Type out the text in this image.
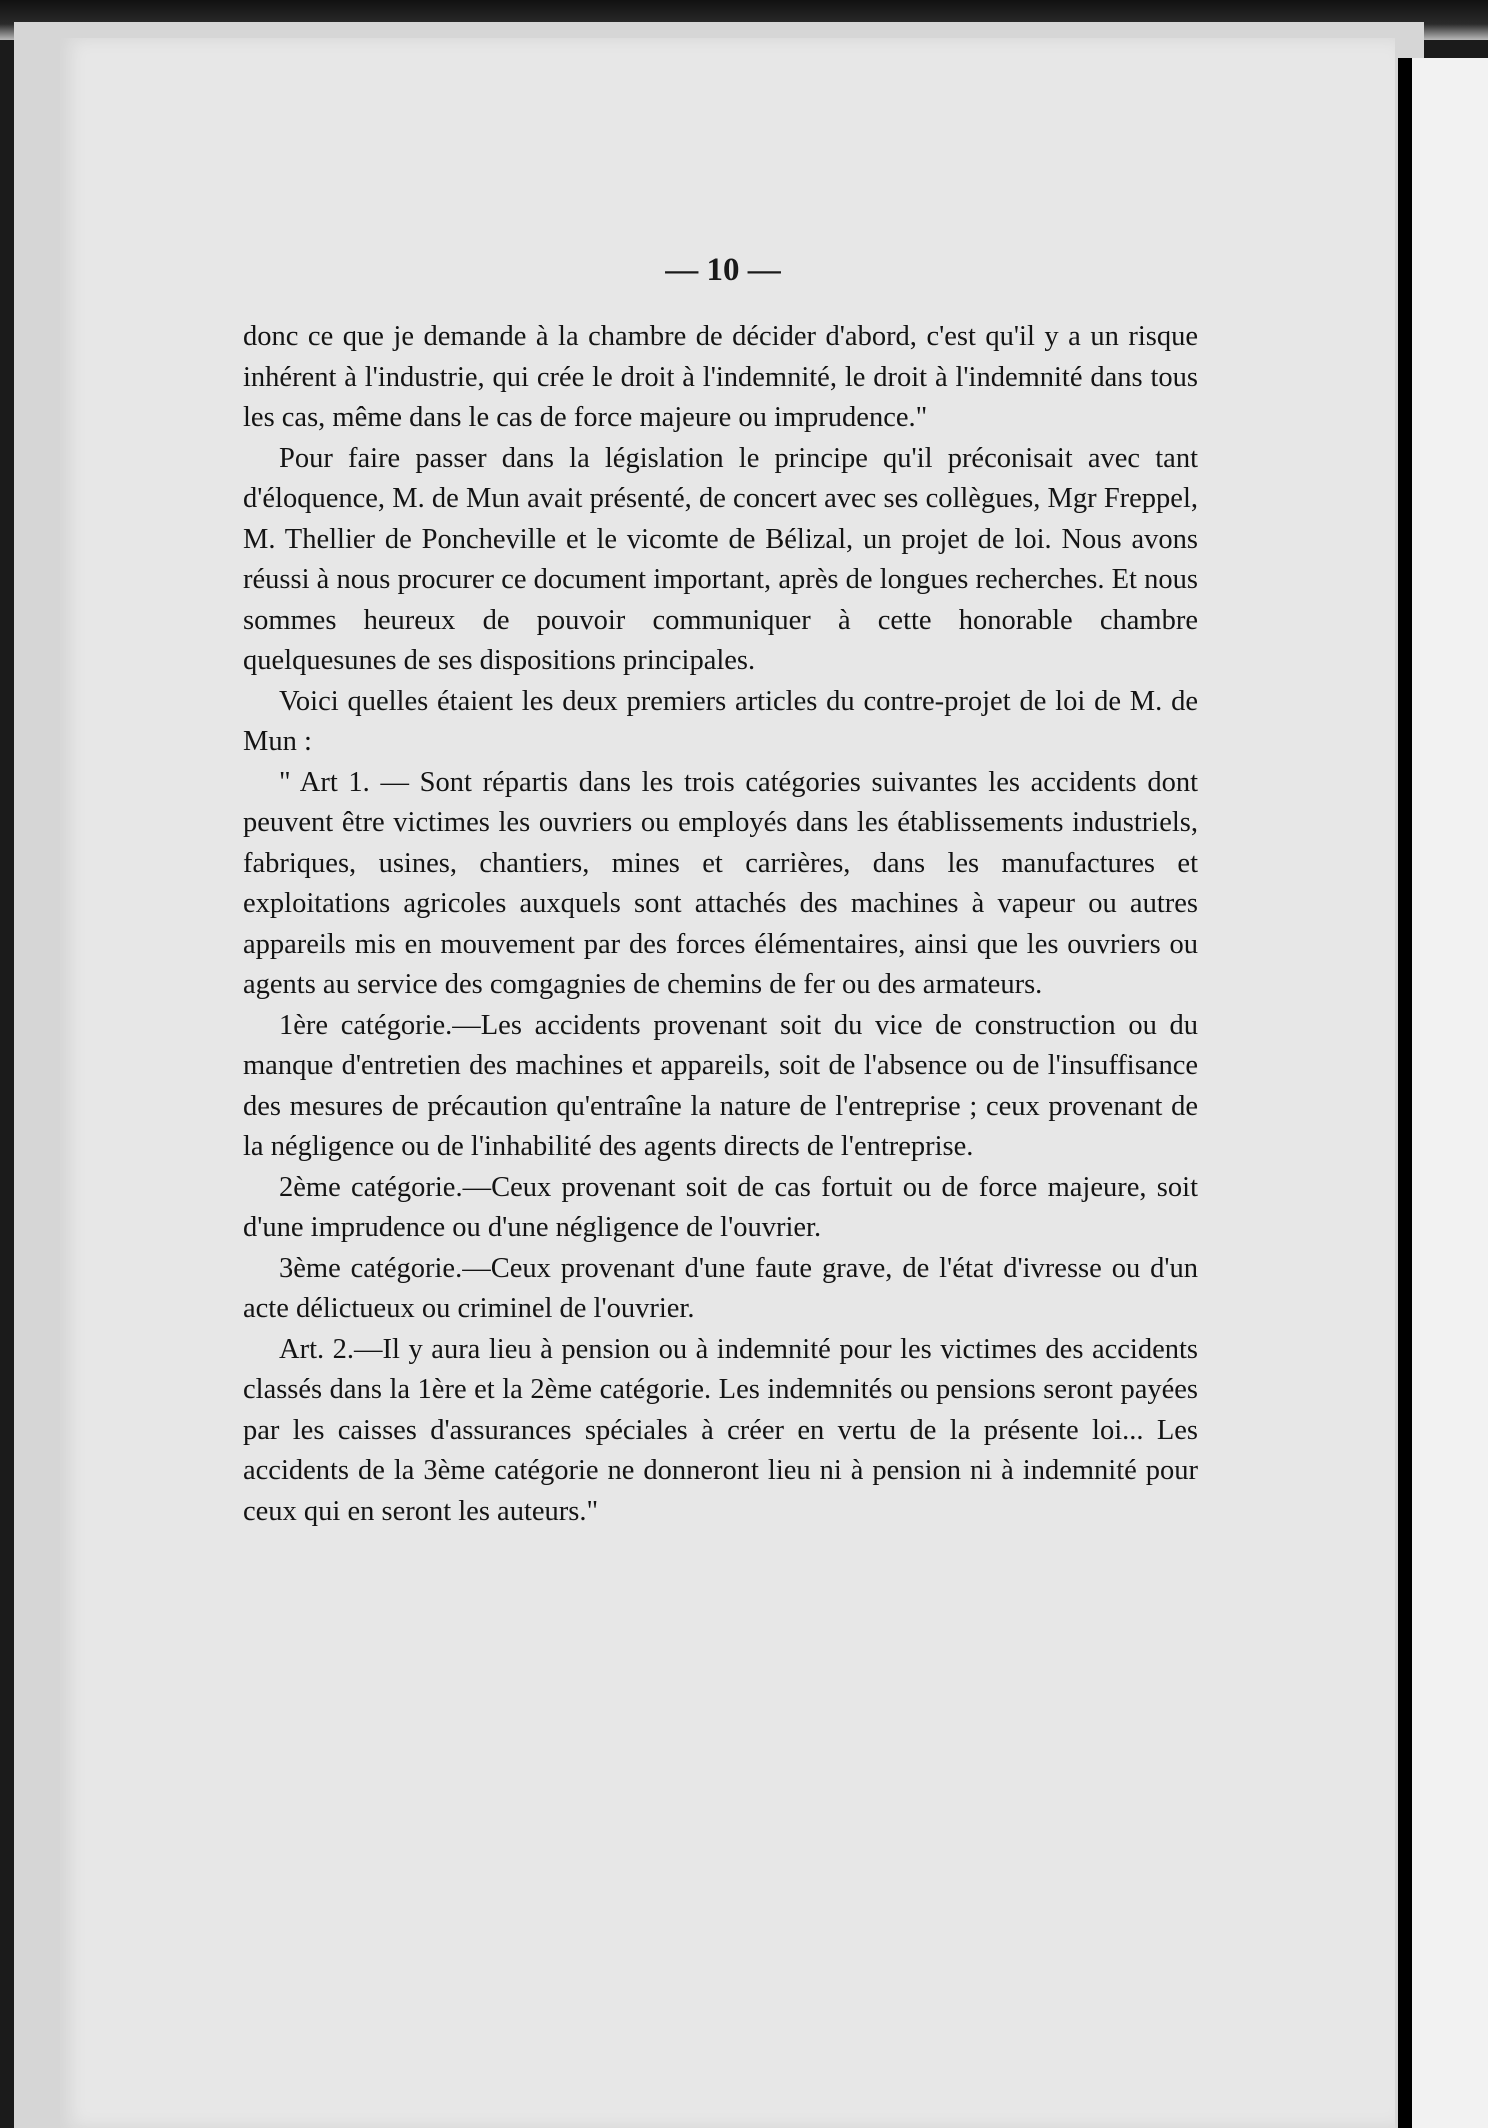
— 10 —

donc ce que je demande à la chambre de décider d'abord, c'est qu'il y a un risque inhérent à l'industrie, qui crée le droit à l'indemnité, le droit à l'indemnité dans tous les cas, même dans le cas de force majeure ou imprudence."

Pour faire passer dans la législation le principe qu'il préconisait avec tant d'éloquence, M. de Mun avait présenté, de concert avec ses collègues, Mgr Freppel, M. Thellier de Poncheville et le vicomte de Bélizal, un projet de loi. Nous avons réussi à nous procurer ce document important, après de longues recherches. Et nous sommes heureux de pouvoir communiquer à cette honorable chambre quelquesunes de ses dispositions principales.

Voici quelles étaient les deux premiers articles du contre-projet de loi de M. de Mun :

" Art 1. — Sont répartis dans les trois catégories suivantes les accidents dont peuvent être victimes les ouvriers ou employés dans les établissements industriels, fabriques, usines, chantiers, mines et carrières, dans les manufactures et exploitations agricoles auxquels sont attachés des machines à vapeur ou autres appareils mis en mouvement par des forces élémentaires, ainsi que les ouvriers ou agents au service des comgagnies de chemins de fer ou des armateurs.

1ère catégorie.—Les accidents provenant soit du vice de construction ou du manque d'entretien des machines et appareils, soit de l'absence ou de l'insuffisance des mesures de précaution qu'entraîne la nature de l'entreprise ; ceux provenant de la négligence ou de l'inhabilité des agents directs de l'entreprise.

2ème catégorie.—Ceux provenant soit de cas fortuit ou de force majeure, soit d'une imprudence ou d'une négligence de l'ouvrier.

3ème catégorie.—Ceux provenant d'une faute grave, de l'état d'ivresse ou d'un acte délictueux ou criminel de l'ouvrier.

Art. 2.—Il y aura lieu à pension ou à indemnité pour les victimes des accidents classés dans la 1ère et la 2ème catégorie. Les indemnités ou pensions seront payées par les caisses d'assurances spéciales à créer en vertu de la présente loi... Les accidents de la 3ème catégorie ne donneront lieu ni à pension ni à indemnité pour ceux qui en seront les auteurs."
